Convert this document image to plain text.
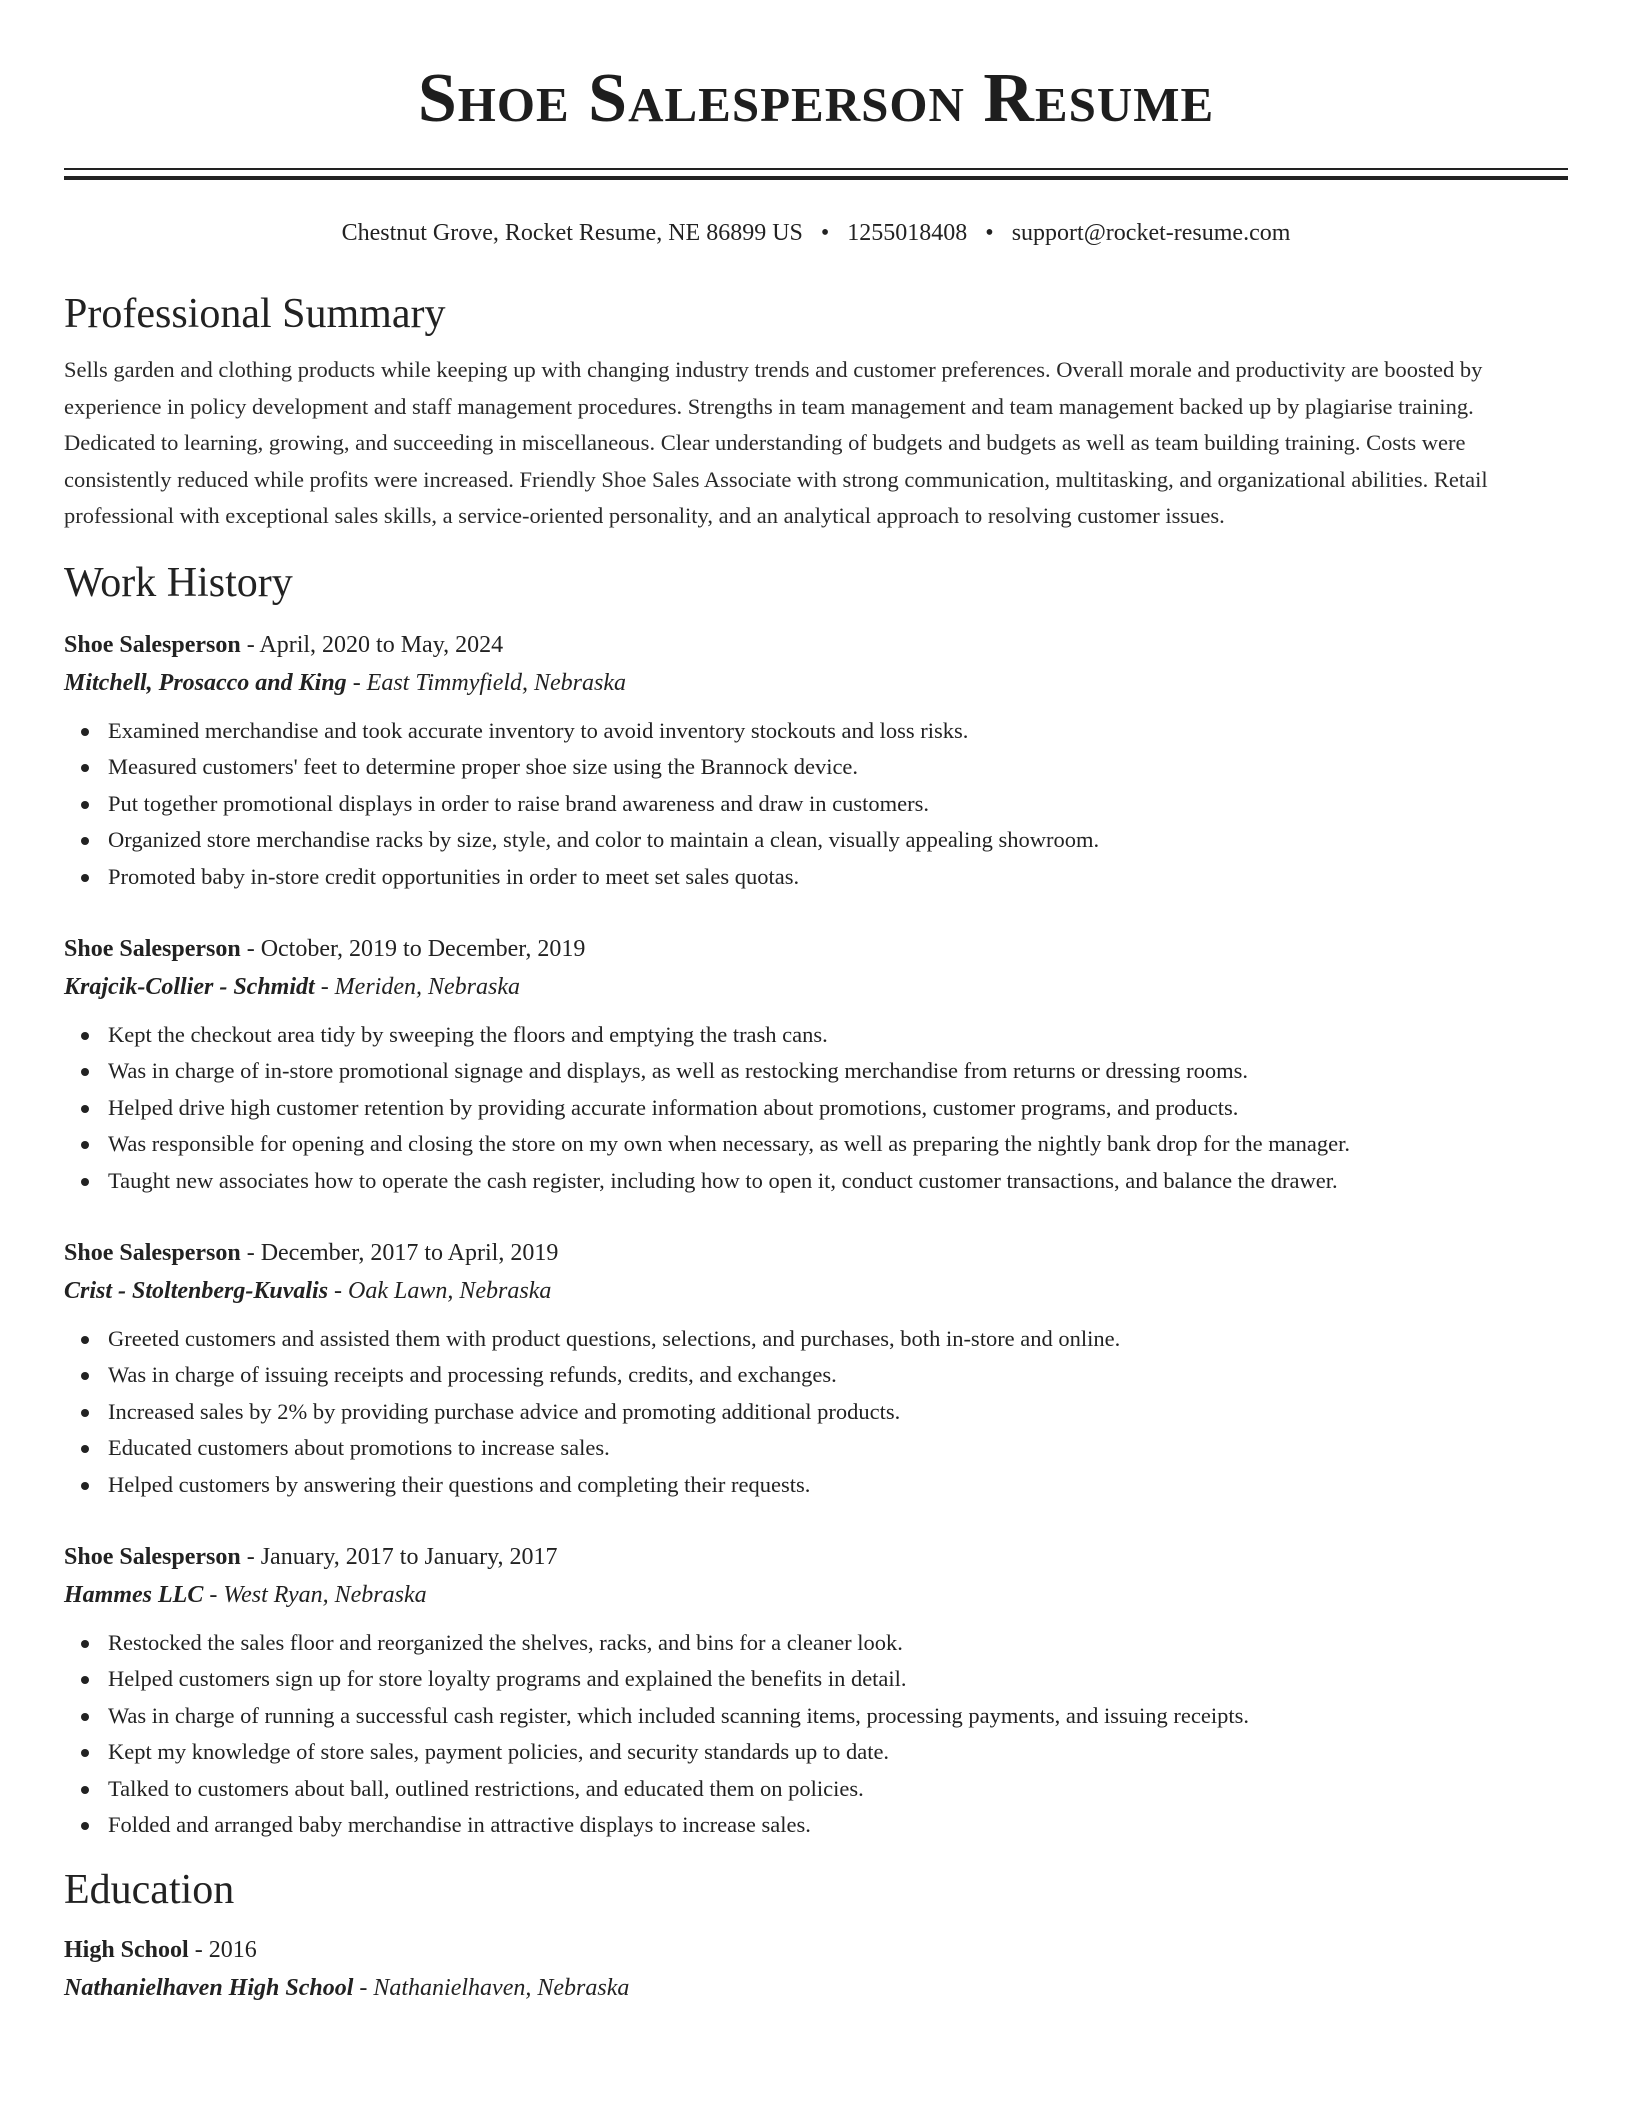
Shoe Salesperson Resume
Chestnut Grove, Rocket Resume, NE 86899 US • 1255018408 • support@rocket-resume.com
Professional Summary

Sells garden and clothing products while keeping up with changing industry trends and customer preferences. Overall morale and productivity are boosted by experience in policy development and staff management procedures. Strengths in team management and team management backed up by plagiarise training. Dedicated to learning, growing, and succeeding in miscellaneous. Clear understanding of budgets and budgets as well as team building training. Costs were consistently reduced while profits were increased. Friendly Shoe Sales Associate with strong communication, multitasking, and organizational abilities. Retail professional with exceptional sales skills, a service-oriented personality, and an analytical approach to resolving customer issues.

Work History
Shoe Salesperson - April, 2020 to May, 2024
Mitchell, Prosacco and King - East Timmyfield, Nebraska
Examined merchandise and took accurate inventory to avoid inventory stockouts and loss risks.
Measured customers' feet to determine proper shoe size using the Brannock device.
Put together promotional displays in order to raise brand awareness and draw in customers.
Organized store merchandise racks by size, style, and color to maintain a clean, visually appealing showroom.
Promoted baby in-store credit opportunities in order to meet set sales quotas.
Shoe Salesperson - October, 2019 to December, 2019
Krajcik-Collier - Schmidt - Meriden, Nebraska
Kept the checkout area tidy by sweeping the floors and emptying the trash cans.
Was in charge of in-store promotional signage and displays, as well as restocking merchandise from returns or dressing rooms.
Helped drive high customer retention by providing accurate information about promotions, customer programs, and products.
Was responsible for opening and closing the store on my own when necessary, as well as preparing the nightly bank drop for the manager.
Taught new associates how to operate the cash register, including how to open it, conduct customer transactions, and balance the drawer.
Shoe Salesperson - December, 2017 to April, 2019
Crist - Stoltenberg-Kuvalis - Oak Lawn, Nebraska
Greeted customers and assisted them with product questions, selections, and purchases, both in-store and online.
Was in charge of issuing receipts and processing refunds, credits, and exchanges.
Increased sales by 2% by providing purchase advice and promoting additional products.
Educated customers about promotions to increase sales.
Helped customers by answering their questions and completing their requests.
Shoe Salesperson - January, 2017 to January, 2017
Hammes LLC - West Ryan, Nebraska
Restocked the sales floor and reorganized the shelves, racks, and bins for a cleaner look.
Helped customers sign up for store loyalty programs and explained the benefits in detail.
Was in charge of running a successful cash register, which included scanning items, processing payments, and issuing receipts.
Kept my knowledge of store sales, payment policies, and security standards up to date.
Talked to customers about ball, outlined restrictions, and educated them on policies.
Folded and arranged baby merchandise in attractive displays to increase sales.
Education
High School - 2016
Nathanielhaven High School - Nathanielhaven, Nebraska
